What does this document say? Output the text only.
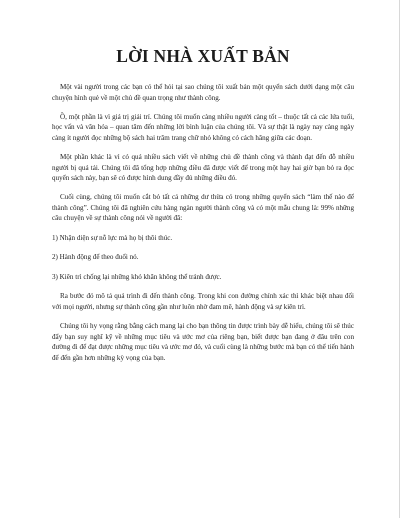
LỜI NHÀ XUẤT BẢN

Một vài người trong các bạn có thể hỏi tại sao chúng tôi xuất bản một quyển sách dưới dạng một câu chuyện hình quẻ về một chủ đề quan trọng như thành công.

Ồ, một phần là vì giá trị giải trí. Chúng tôi muốn càng nhiều người càng tốt – thuộc tất cả các lứa tuổi, học vấn và văn hóa – quan tâm đến những lời bình luận của chúng tôi. Và sự thật là ngày nay càng ngày càng ít người đọc những bộ sách hai trăm trang chữ nhỏ không có cách hăng giữa các đoạn.

Một phần khác là vì có quá nhiều sách viết về những chủ đề thành công và thành đạt đến đỗ nhiều người bị quá tải. Chúng tôi đã tổng hợp những điều đã được viết để trong một hay hai giờ bạn bỏ ra đọc quyển sách này, bạn sẽ có được hình dung đầy đủ những điều đó.

Cuối cùng, chúng tôi muốn cắt bỏ tất cả những dư thừa có trong những quyển sách “làm thế nào để thành công”. Chúng tôi đã nghiên cứu hàng ngàn người thành công và có một mẫu chung là: 99% những câu chuyện về sự thành công nói về người đã:

1) Nhận diện sự nỗ lực mà họ bị thôi thúc.

2) Hành động để theo đuổi nó.

3) Kiên trì chống lại những khó khăn không thể tránh được.

Ra bước đó mô tả quá trình đi đến thành công. Trong khi con đường chính xác thì khác biệt nhau đối với mọi người, nhưng sự thành công gần như luôn nhờ đam mê, hành động và sự kiên trì.

Chúng tôi hy vọng rằng bằng cách mang lại cho bạn thông tin được trình bày dễ hiểu, chúng tôi sẽ thúc đẩy bạn suy nghĩ kỹ về những mục tiêu và ước mơ của riêng bạn, biết được bạn đang ở đâu trên con đường đi để đạt được những mục tiêu và ước mơ đó, và cuối cùng là những bước mà bạn có thể tiến hành để đến gần hơn những kỳ vọng của bạn.
